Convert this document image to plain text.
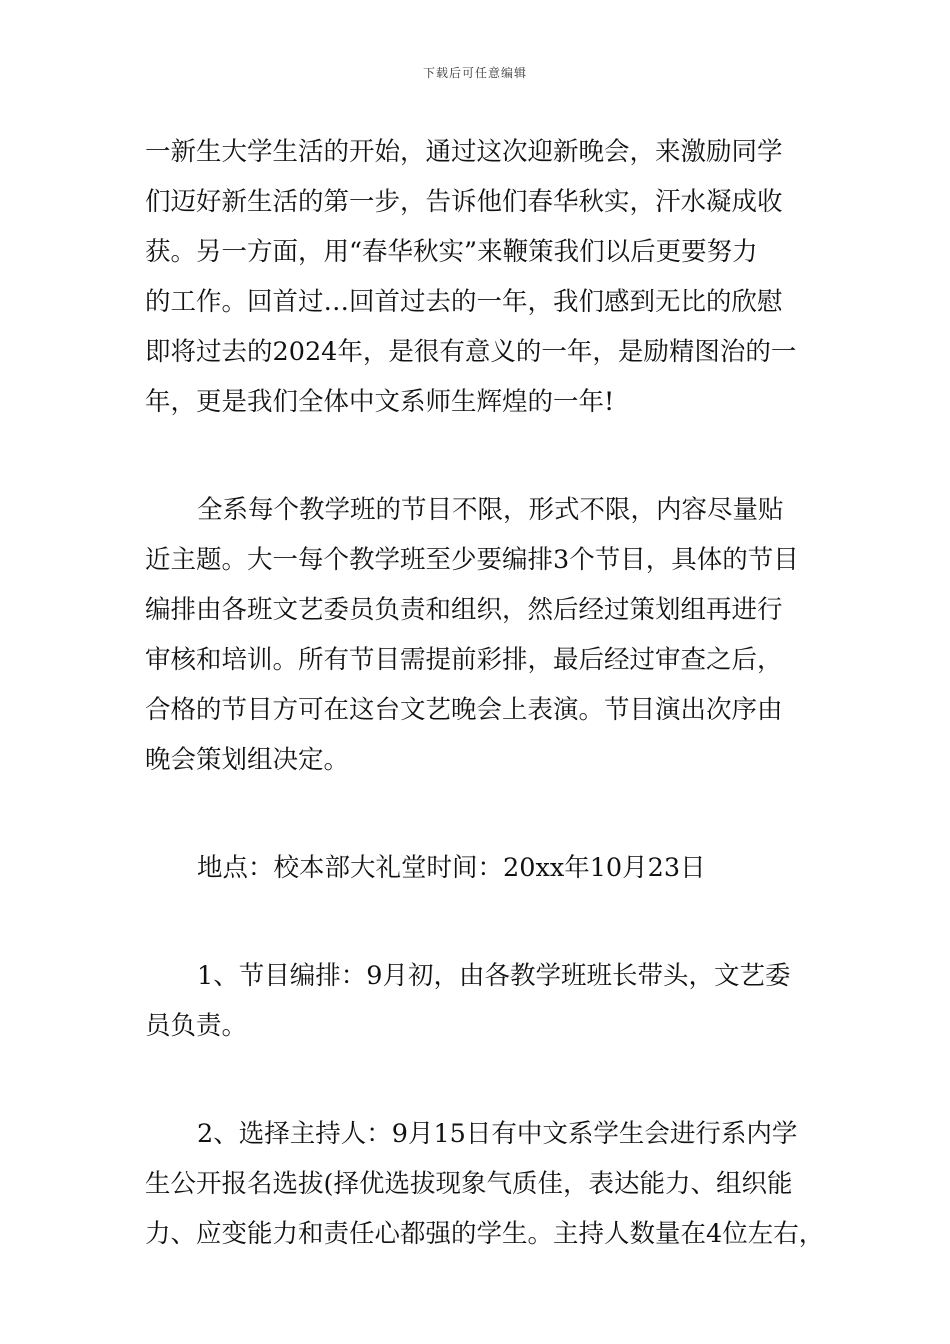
下载后可任意编辑
一新生大学生活的开始，通过这次迎新晚会，来激励同学
们迈好新生活的第一步，告诉他们春华秋实，汗水凝成收
获。另一方面，用“春华秋实”来鞭策我们以后更要努力
的工作。回首过…回首过去的一年，我们感到无比的欣慰
即将过去的2024年，是很有意义的一年，是励精图治的一
年，更是我们全体中文系师生辉煌的一年!
全系每个教学班的节目不限，形式不限，内容尽量贴
近主题。大一每个教学班至少要编排3个节目，具体的节目
编排由各班文艺委员负责和组织，然后经过策划组再进行
审核和培训。所有节目需提前彩排，最后经过审查之后，
合格的节目方可在这台文艺晚会上表演。节目演出次序由
晚会策划组决定。
地点：校本部大礼堂时间：20xx年10月23日
1、节目编排：9月初，由各教学班班长带头，文艺委
员负责。
2、选择主持人：9月15日有中文系学生会进行系内学
生公开报名选拔(择优选拔现象气质佳，表达能力、组织能
力、应变能力和责任心都强的学生。主持人数量在4位左右，
